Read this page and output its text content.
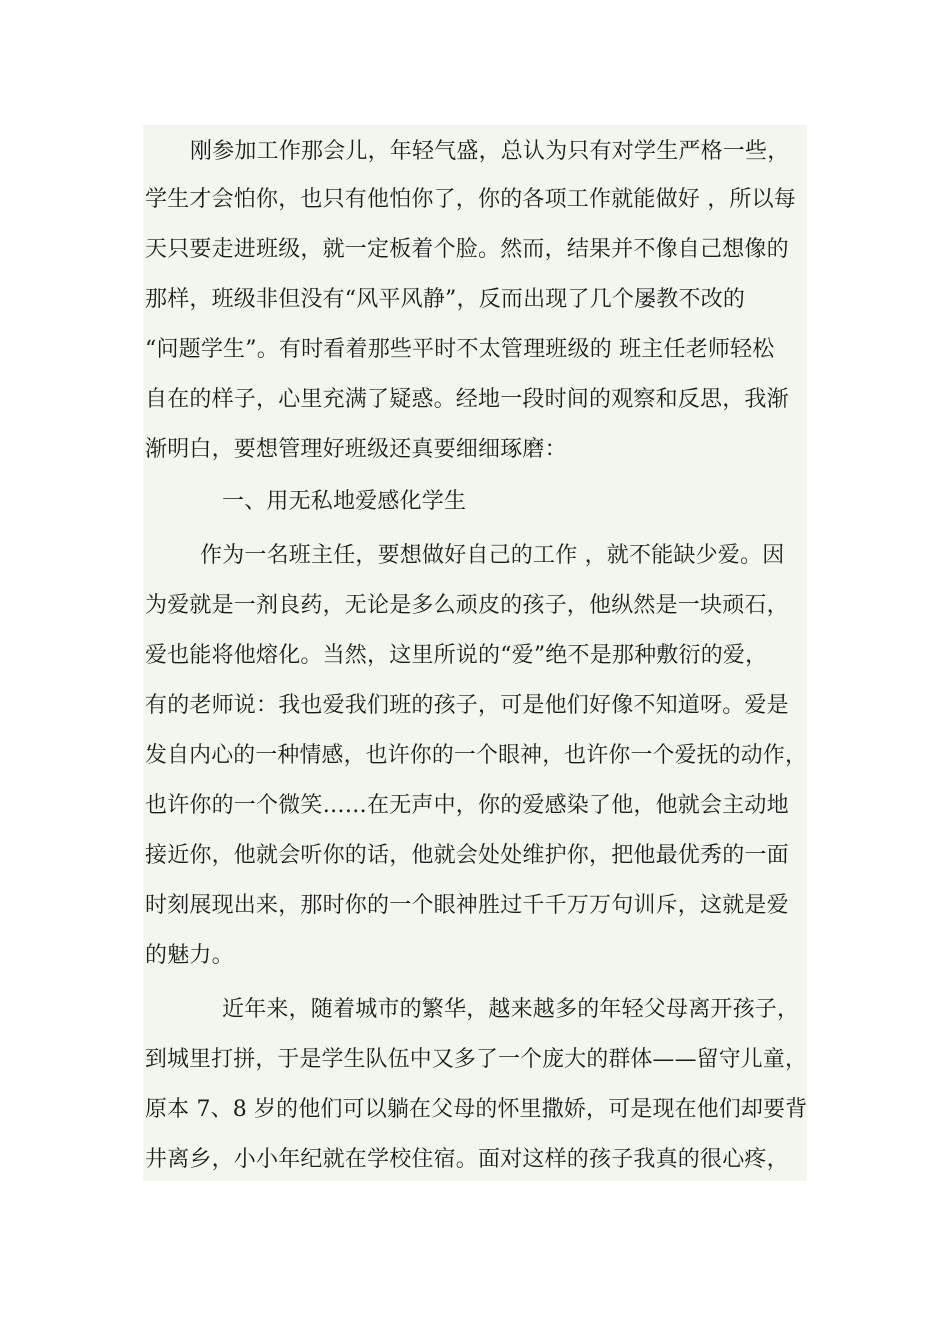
刚参加工作那会儿，年轻气盛，总认为只有对学生严格一些，
学生才会怕你，也只有他怕你了，你的各项工作就能做好 ，所以每
天只要走进班级，就一定板着个脸。然而，结果并不像自己想像的
那样，班级非但没有“风平风静”，反而出现了几个屡教不改的
“问题学生”。有时看着那些平时不太管理班级的 班主任老师轻松
自在的样子，心里充满了疑惑。经地一段时间的观察和反思，我渐
渐明白，要想管理好班级还真要细细琢磨：
一、用无私地爱感化学生
作为一名班主任，要想做好自己的工作 ，就不能缺少爱。因
为爱就是一剂良药，无论是多么顽皮的孩子，他纵然是一块顽石，
爱也能将他熔化。当然，这里所说的“爱”绝不是那种敷衍的爱，
有的老师说：我也爱我们班的孩子，可是他们好像不知道呀。爱是
发自内心的一种情感，也许你的一个眼神，也许你一个爱抚的动作，
也许你的一个微笑……在无声中，你的爱感染了他，他就会主动地
接近你，他就会听你的话，他就会处处维护你，把他最优秀的一面
时刻展现出来，那时你的一个眼神胜过千千万万句训斥，这就是爱
的魅力。
近年来，随着城市的繁华，越来越多的年轻父母离开孩子，
到城里打拼，于是学生队伍中又多了一个庞大的群体——留守儿童，
原本 7、8 岁的他们可以躺在父母的怀里撒娇，可是现在他们却要背
井离乡，小小年纪就在学校住宿。面对这样的孩子我真的很心疼，
